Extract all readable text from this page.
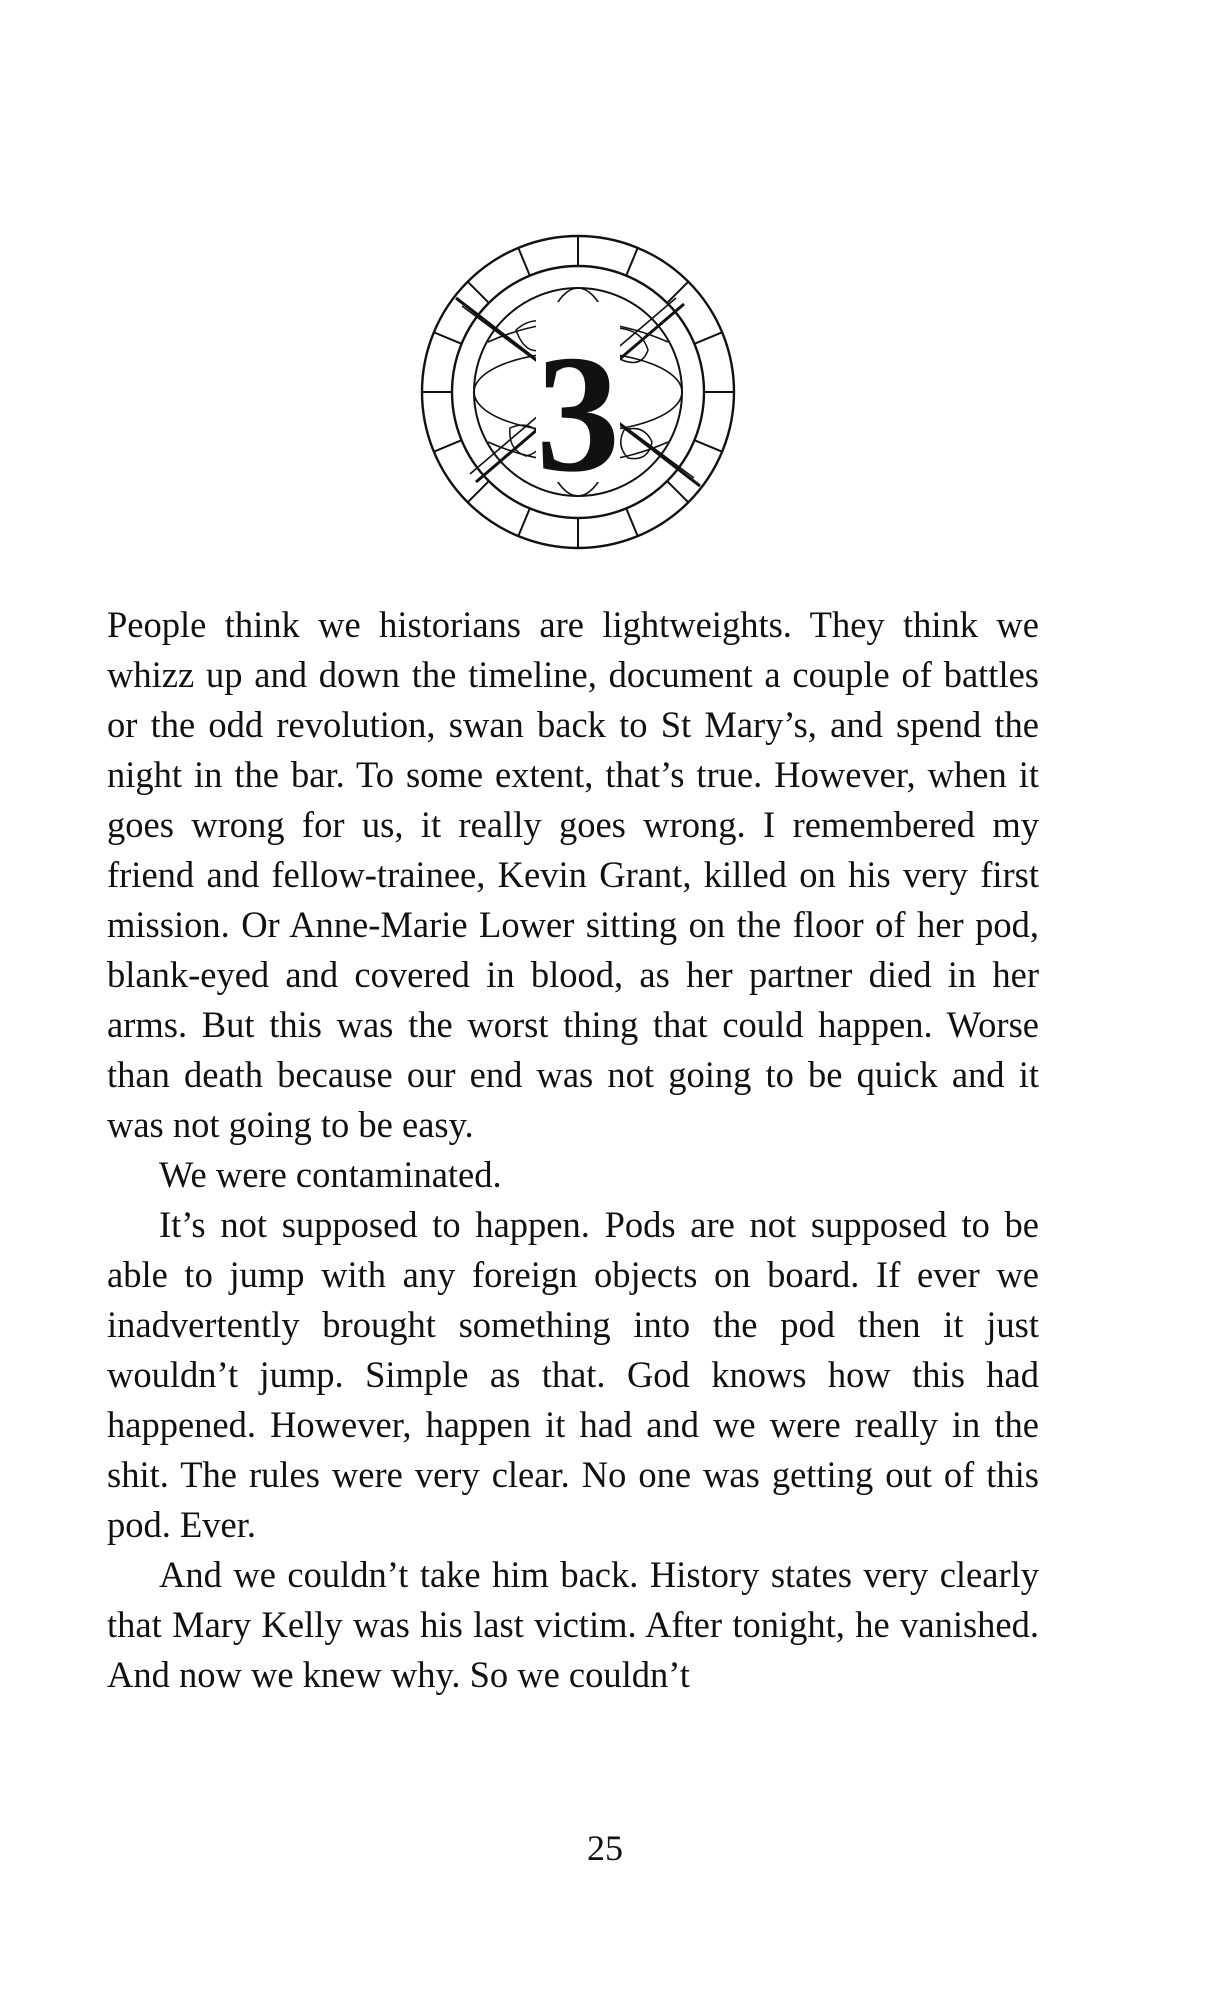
3

People think we historians are lightweights. They think we whizz up and down the timeline, document a couple of battles or the odd revolution, swan back to St Mary’s, and spend the night in the bar. To some extent, that’s true. However, when it goes wrong for us, it really goes wrong. I remembered my friend and fellow-trainee, Kevin Grant, killed on his very first mission. Or Anne-Marie Lower sitting on the floor of her pod, blank-eyed and covered in blood, as her partner died in her arms. But this was the worst thing that could happen. Worse than death because our end was not going to be quick and it was not going to be easy.

We were contaminated.

It’s not supposed to happen. Pods are not supposed to be able to jump with any foreign objects on board. If ever we inadvertently brought something into the pod then it just wouldn’t jump. Simple as that. God knows how this had happened. However, happen it had and we were really in the shit. The rules were very clear. No one was getting out of this pod. Ever.

And we couldn’t take him back. History states very clearly that Mary Kelly was his last victim. After tonight, he vanished. And now we knew why. So we couldn’t

25
